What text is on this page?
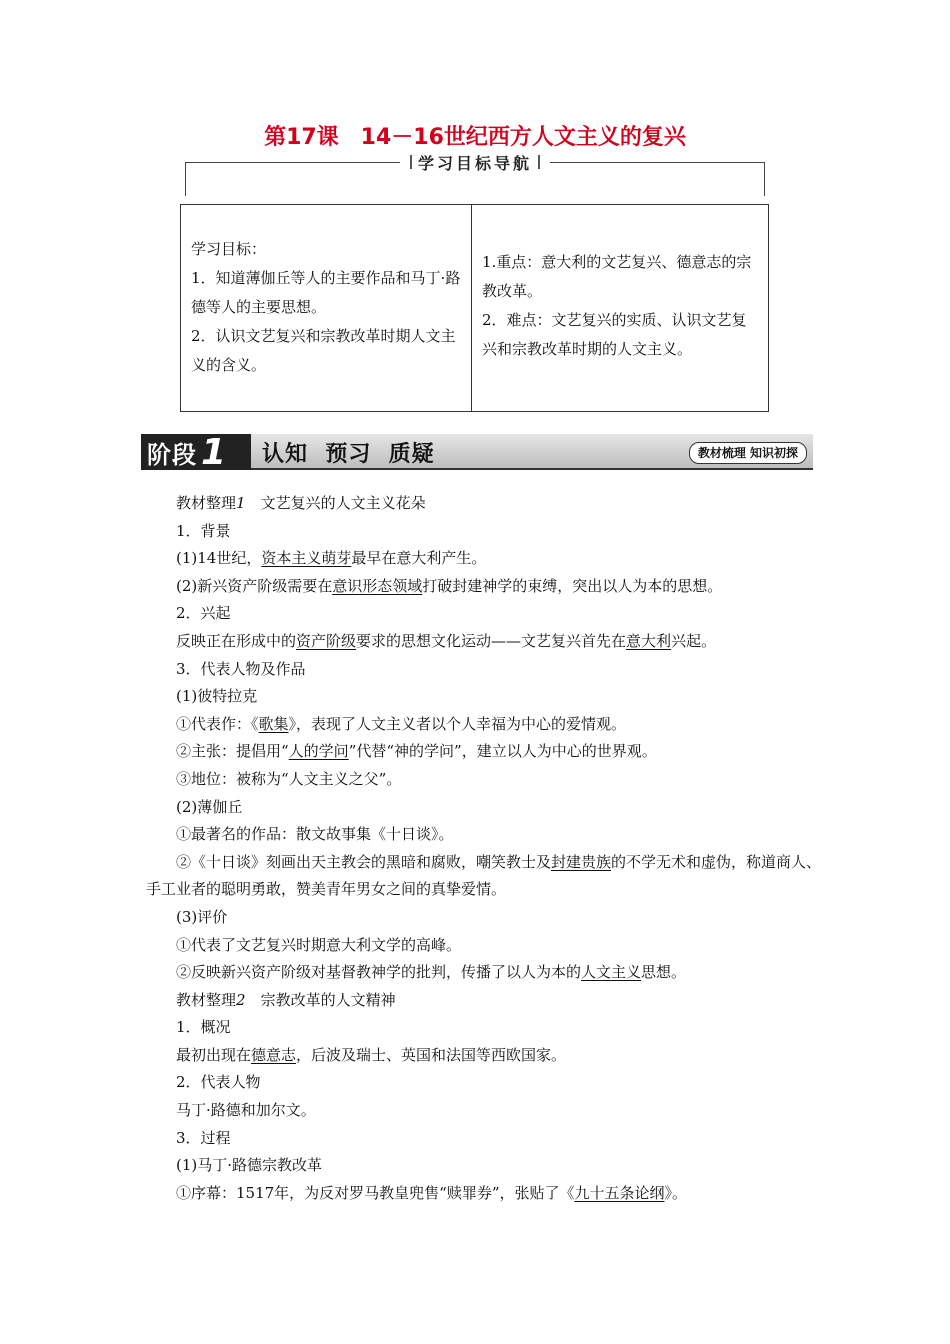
第17课　14－16世纪西方人文主义的复兴
学习目标导航
学习目标：
1．知道薄伽丘等人的主要作品和马丁·路德等人的主要思想。
2．认识文艺复兴和宗教改革时期人文主义的含义。
1.重点：意大利的文艺复兴、德意志的宗教改革。
2．难点：文艺复兴的实质、认识文艺复兴和宗教改革时期的人文主义。
阶段 1 认知  预习  质疑	教材梳理 知识初探

教材整理1　文艺复兴的人文主义花朵

1．背景

(1)14世纪，资本主义萌芽最早在意大利产生。

(2)新兴资产阶级需要在意识形态领域打破封建神学的束缚，突出以人为本的思想。

2．兴起

反映正在形成中的资产阶级要求的思想文化运动——文艺复兴首先在意大利兴起。

3．代表人物及作品

(1)彼特拉克

①代表作：《歌集》，表现了人文主义者以个人幸福为中心的爱情观。

②主张：提倡用“人的学问”代替“神的学问”，建立以人为中心的世界观。

③地位：被称为“人文主义之父”。

(2)薄伽丘

①最著名的作品：散文故事集《十日谈》。

②《十日谈》刻画出天主教会的黑暗和腐败，嘲笑教士及封建贵族的不学无术和虚伪，称道商人、手工业者的聪明勇敢，赞美青年男女之间的真挚爱情。

(3)评价

①代表了文艺复兴时期意大利文学的高峰。

②反映新兴资产阶级对基督教神学的批判，传播了以人为本的人文主义思想。

教材整理2　宗教改革的人文精神

1．概况

最初出现在德意志，后波及瑞士、英国和法国等西欧国家。

2．代表人物

马丁·路德和加尔文。

3．过程

(1)马丁·路德宗教改革

①序幕：1517年，为反对罗马教皇兜售“赎罪券”，张贴了《九十五条论纲》。
